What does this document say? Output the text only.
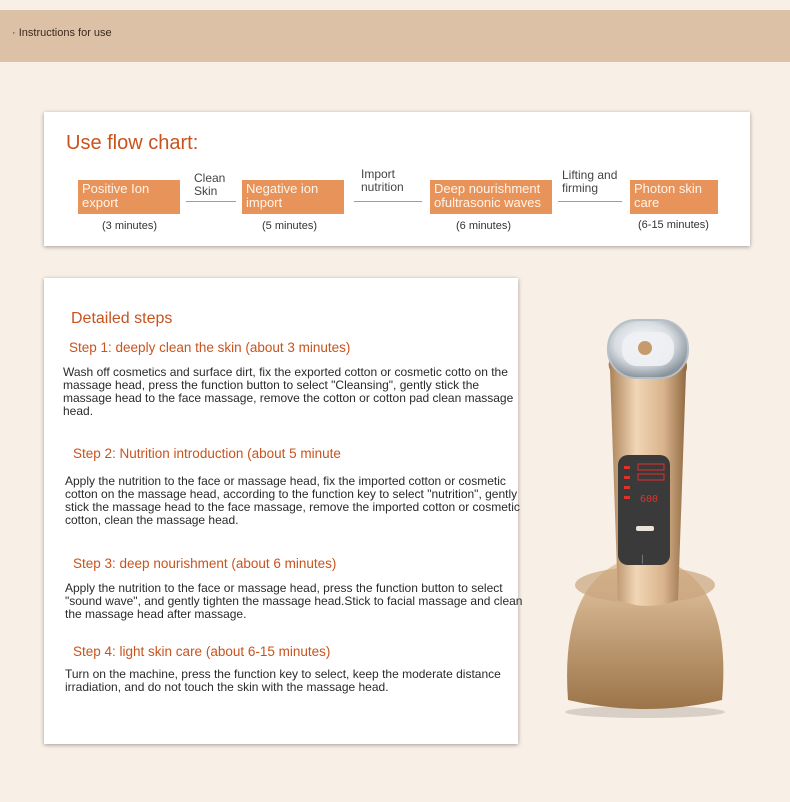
· Instructions for use
Use flow chart:
Positive Ion export
Negative ion import
Deep nourishment ofultrasonic waves
Photon skin care
Clean Skin
Import nutrition
Lifting and firming
(3 minutes)	(5 minutes)	(6 minutes)	(6-15 minutes)
Detailed steps
Step 1: deeply clean the skin (about 3 minutes)
Wash off cosmetics and surface dirt, fix the exported cotton or cosmetic cotto on the massage head, press the function button to select "Cleansing", gently stick the massage head to the face massage, remove the cotton or cotton pad clean massage head.
Step 2: Nutrition introduction (about 5 minute
Apply the nutrition to the face or massage head, fix the imported cotton or cosmetic cotton on the massage head, according to the function key to select "nutrition", gently stick the massage head to the face massage, remove the imported cotton or cosmetic cotton, clean the massage head.
Step 3: deep nourishment (about 6 minutes)
Apply the nutrition to the face or massage head, press the function button to select "sound wave", and gently tighten the massage head.Stick to facial massage and clean the massage head after massage.
Step 4: light skin care (about 6-15 minutes)
Turn on the machine, press the function key to select, keep the moderate distance irradiation, and do not touch the skin with the massage head.
600
⏐
